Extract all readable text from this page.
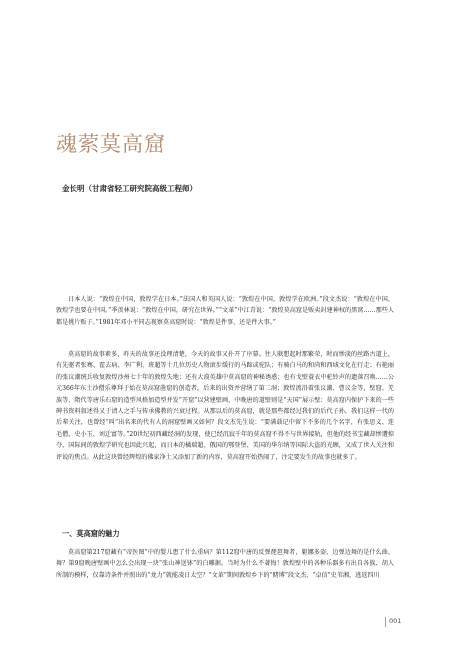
魂萦莫高窟

金长明（甘肃省轻工研究院高级工程师）

日本人说：“敦煌在中国，敦煌学在日本。”法国人和英国人说：“敦煌在中国，敦煌学在欧洲。”段文杰说：“敦煌在中国，敦煌学也要在中国。”季羡林说：“敦煌在中国，研究在世界。”“文革”中江青说：“敦煌莫高窟是贩卖封建神权的黑窝……那些人都是挑片贩子。”1981年邓小平同志视察莫高窟时说：“敦煌是件事，还是件大事。”

莫高窟的故事素多，昨天的故事还没理清楚，今天的故事又扑开了序幕。往人联想起时那繁荣，时而惨淡的丝路古道上，有先驱者张骞、霍去病、李广利、班超等十几位历史人物滚步缓行的马蹄或驼队；有骑白马的和尚和西域文化在行走；有艳丽的张议潮统兵收复敦煌沙州七十年的敦煌失地；还有大漠英雄中莫高窟的神秘诱惑；也有戈壁蓑衣中驼铃声的遗落召唤……公元366年东土沙僧乐尊拜于始在莫高窟凿窟的创造者，后来的出资并营缮了第二洞；敦煌流沿着张议潮、曹议金等，壁窟、羌族等，隋代等唐乐石窟的造型风格加造型并发“开窟”以营建壁画，中晚唐的道壁则是“天国”展示壁；莫高窟内保护下来的一些碑书资料叙述得又于清人之手与传承佛教的兴衰过程。从那以后的莫高窟，就是那些都经过我们的后代子孙，我们这样一代的后辈关注，也曾经“叫”出名来的代有人的洞窟壁画又如何？段文杰先生说：“要满载记中留下不多的几个名字，有张思义、连毛僧、史小玉、刘迁富等。”20世纪初西藏经洞的发现，使已经沉寂千年的莫高窟不得不与世界接轨，但他的经书宝藏却惨遭掠夺，国际间的敦煌学研究也因此兴起，而日本的橘瑞超、俄国的鄂登堡、美国的华尔纳等国际大盗的光顾，又成了世人关注和评说的焦点。从此这块曾经辉煌的佛家净土又添加了新的内容，莫高窟开始热闹了，注定要发生的故事也就多了。

一、莫高窟的魅力

莫高窟第217窟藏有“帝医图”中的婴儿患了什么重病？第112窟中唐的反弹琵琶舞者，躯娜多姿，边弹边舞的是什么曲、舞？第9窟晚唐壁画中怎么会出现一块“张山神送钵”的白雕据。当时为什么不著悔！敦煌壁中的各种乐器多有出自各族、胡人所制的模样，仅靠诗条件并照出的“龙力”就能凌日太空？“文革”期间敦煌乡下的“赌博”段文杰、“卓信”史苇湘，逃返四川

001
